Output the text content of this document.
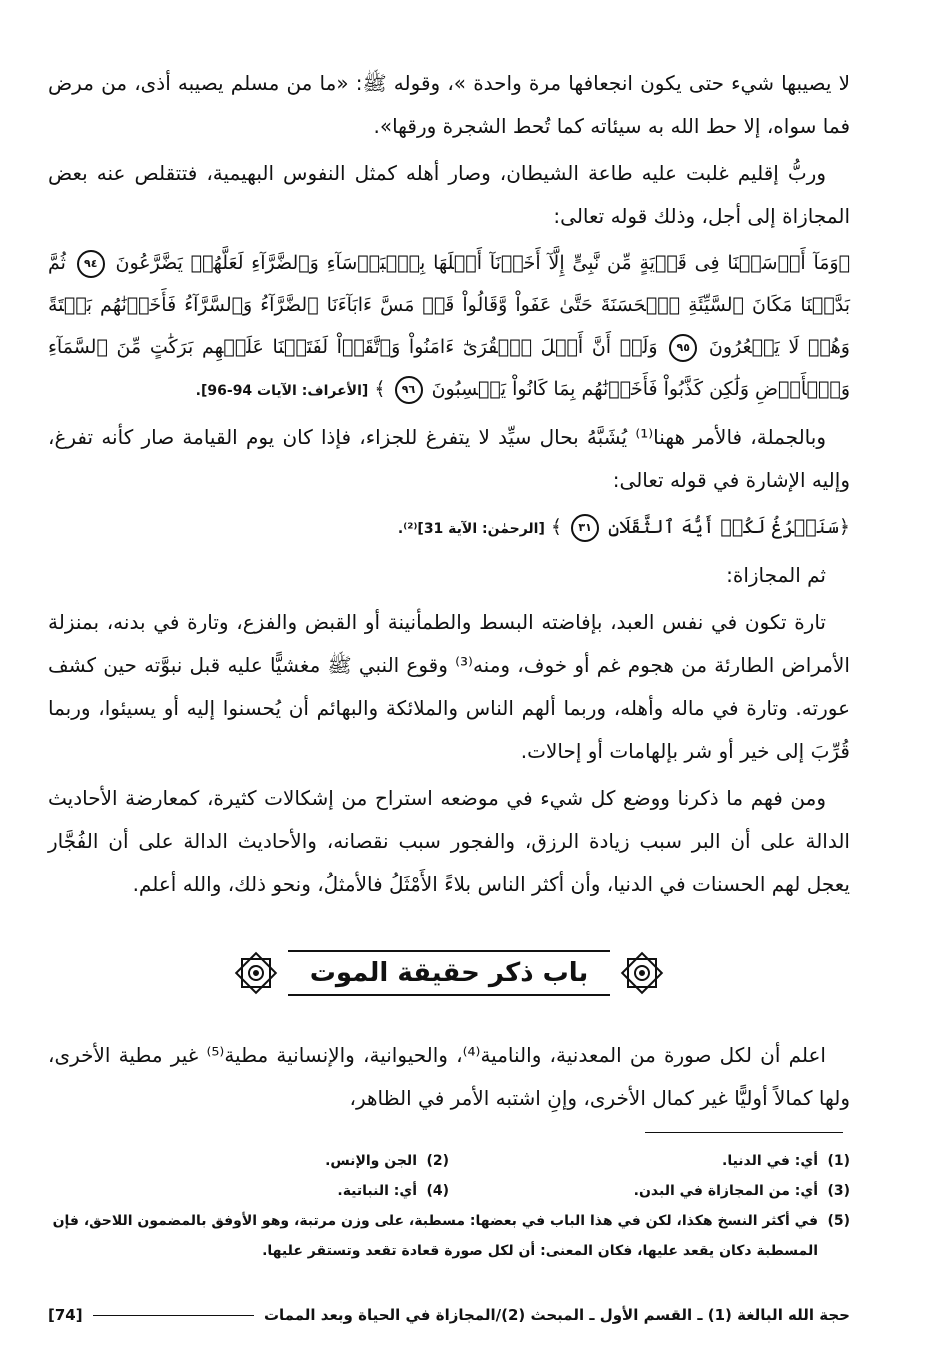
لا يصيبها شيء حتى يكون انجعافها مرة واحدة »، وقوله ﷺ: «ما من مسلم يصيبه أذى، من مرض فما سواه، إلا حط الله به سيئاته كما تُحط الشجرة ورقها».

وربُّ إقليم غلبت عليه طاعة الشيطان، وصار أهله كمثل النفوس البهيمية، فتتقلص عنه بعض المجازاة إلى أجل، وذلك قوله تعالى:

﴿وَمَآ أَرۡسَلۡنَا فِى قَرۡيَةٍ مِّن نَّبِىٍّ إِلَّآ أَخَذۡنَآ أَهۡلَهَا بِٱلۡبَأۡسَآءِ وَٱلضَّرَّآءِ لَعَلَّهُمۡ يَضَّرَّعُونَ ٩٤ ثُمَّ بَدَّلۡنَا مَكَانَ ٱلسَّيِّئَةِ ٱلۡحَسَنَةَ حَتَّىٰ عَفَواْ وَّقَالُواْ قَدۡ مَسَّ ءَابَآءَنَا ٱلضَّرَّآءُ وَٱلسَّرَّآءُ فَأَخَذۡنَٰهُم بَغۡتَةً وَهُمۡ لَا يَشۡعُرُونَ ٩٥ وَلَوۡ أَنَّ أَهۡلَ ٱلۡقُرَىٰٓ ءَامَنُواْ وَٱتَّقَوۡاْ لَفَتَحۡنَا عَلَيۡهِم بَرَكَٰتٍ مِّنَ ٱلسَّمَآءِ وَٱلۡأَرۡضِ وَلَٰكِن كَذَّبُواْ فَأَخَذۡنَٰهُم بِمَا كَانُواْ يَكۡسِبُونَ ٩٦ ﴾ [الأعراف: الآيات 94-96].

وبالجملة، فالأمر ههنا⁽¹⁾ يُشَبَّهُ بحال سيِّد لا يتفرغ للجزاء، فإذا كان يوم القيامة صار كأنه تفرغ، وإليه الإشارة في قوله تعالى:

﴿سَنَفۡرُغُ لَكُمۡ أَيُّهَ ٱلثَّقَلَانِ ٣١ ﴾ [الرحمٰن: الآية 31]⁽²⁾.

ثم المجازاة:

تارة تكون في نفس العبد، بإفاضته البسط والطمأنينة أو القبض والفزع، وتارة في بدنه، بمنزلة الأمراض الطارئة من هجوم غم أو خوف، ومنه⁽³⁾ وقوع النبي ﷺ مغشيًّا عليه قبل نبوَّته حين كشف عورته. وتارة في ماله وأهله، وربما ألهم الناس والملائكة والبهائم أن يُحسنوا إليه أو يسيئوا، وربما قُرِّبَ إلى خير أو شر بإلهامات أو إحالات.

ومن فهم ما ذكرنا ووضع كل شيء في موضعه استراح من إشكالات كثيرة، كمعارضة الأحاديث الدالة على أن البر سبب زيادة الرزق، والفجور سبب نقصانه، والأحاديث الدالة على أن الفُجَّار يعجل لهم الحسنات في الدنيا، وأن أكثر الناس بلاءً الأَمْثَلُ فالأمثلُ، ونحو ذلك، والله أعلم.

باب ذكر حقيقة الموت

اعلم أن لكل صورة من المعدنية، والنامية⁽⁴⁾، والحيوانية، والإنسانية مطية⁽⁵⁾ غير مطية الأخرى، ولها كمالاً أوليًّا غير كمال الأخرى، وإنِ اشتبه الأمر في الظاهر،

(1)
أي: في الدنيا.
(2)
الجن والإنس.
(3)
أي: من المجازاة في البدن.
(4)
أي: النباتية.
(5)
في أكثر النسخ هكذا، لكن في هذا الباب في بعضها: مسطبة، على وزن مرتبة، وهو الأوفق بالمضمون اللاحق، فإن المسطبة دكان يقعد عليها، فكان المعنى: أن لكل صورة قعادة تقعد وتستقر عليها.
حجة الله البالغة (1) ـ القسم الأول ـ المبحث (2)/المجازاة في الحياة وبعد الممات
[74]
